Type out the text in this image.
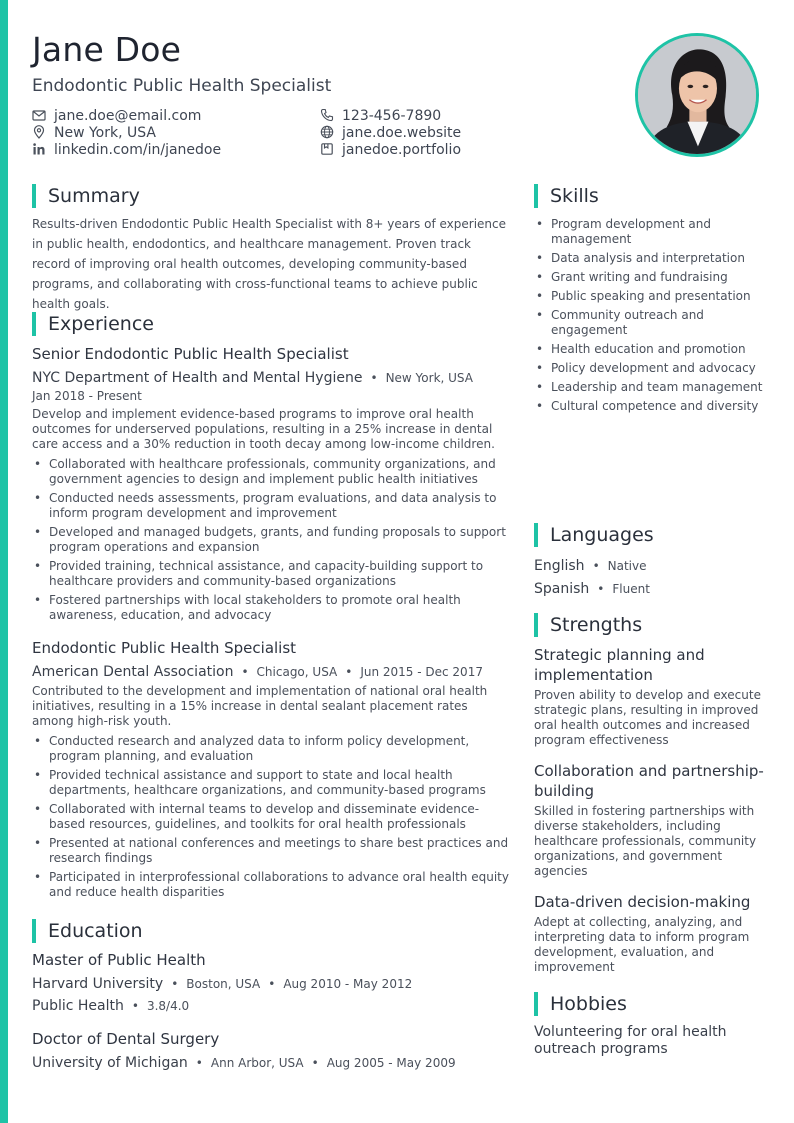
Jane Doe
Endodontic Public Health Specialist
jane.doe@email.com	123-456-7890
New York, USA	jane.doe.website
linkedin.com/in/janedoe	janedoe.portfolio
Summary
Results-driven Endodontic Public Health Specialist with 8+ years of experience in public health, endodontics, and healthcare management. Proven track record of improving oral health outcomes, developing community-based programs, and collaborating with cross-functional teams to achieve public health goals.
Experience
Senior Endodontic Public Health Specialist
NYC Department of Health and Mental Hygiene • New York, USA
Jan 2018 - Present
Develop and implement evidence-based programs to improve oral health outcomes for underserved populations, resulting in a 25% increase in dental care access and a 30% reduction in tooth decay among low-income children.
• Collaborated with healthcare professionals, community organizations, and government agencies to design and implement public health initiatives
• Conducted needs assessments, program evaluations, and data analysis to inform program development and improvement
• Developed and managed budgets, grants, and funding proposals to support program operations and expansion
• Provided training, technical assistance, and capacity-building support to healthcare providers and community-based organizations
• Fostered partnerships with local stakeholders to promote oral health awareness, education, and advocacy
Endodontic Public Health Specialist
American Dental Association • Chicago, USA • Jun 2015 - Dec 2017
Contributed to the development and implementation of national oral health initiatives, resulting in a 15% increase in dental sealant placement rates among high-risk youth.
• Conducted research and analyzed data to inform policy development, program planning, and evaluation
• Provided technical assistance and support to state and local health departments, healthcare organizations, and community-based programs
• Collaborated with internal teams to develop and disseminate evidence-based resources, guidelines, and toolkits for oral health professionals
• Presented at national conferences and meetings to share best practices and research findings
• Participated in interprofessional collaborations to advance oral health equity and reduce health disparities
Education
Master of Public Health
Harvard University • Boston, USA • Aug 2010 - May 2012
Public Health • 3.8/4.0
Doctor of Dental Surgery
University of Michigan • Ann Arbor, USA • Aug 2005 - May 2009
Skills
• Program development and management
• Data analysis and interpretation
• Grant writing and fundraising
• Public speaking and presentation
• Community outreach and engagement
• Health education and promotion
• Policy development and advocacy
• Leadership and team management
• Cultural competence and diversity
Languages
English • Native
Spanish • Fluent
Strengths
Strategic planning and implementation
Proven ability to develop and execute strategic plans, resulting in improved oral health outcomes and increased program effectiveness
Collaboration and partnership-building
Skilled in fostering partnerships with diverse stakeholders, including healthcare professionals, community organizations, and government agencies
Data-driven decision-making
Adept at collecting, analyzing, and interpreting data to inform program development, evaluation, and improvement
Hobbies
Volunteering for oral health outreach programs
